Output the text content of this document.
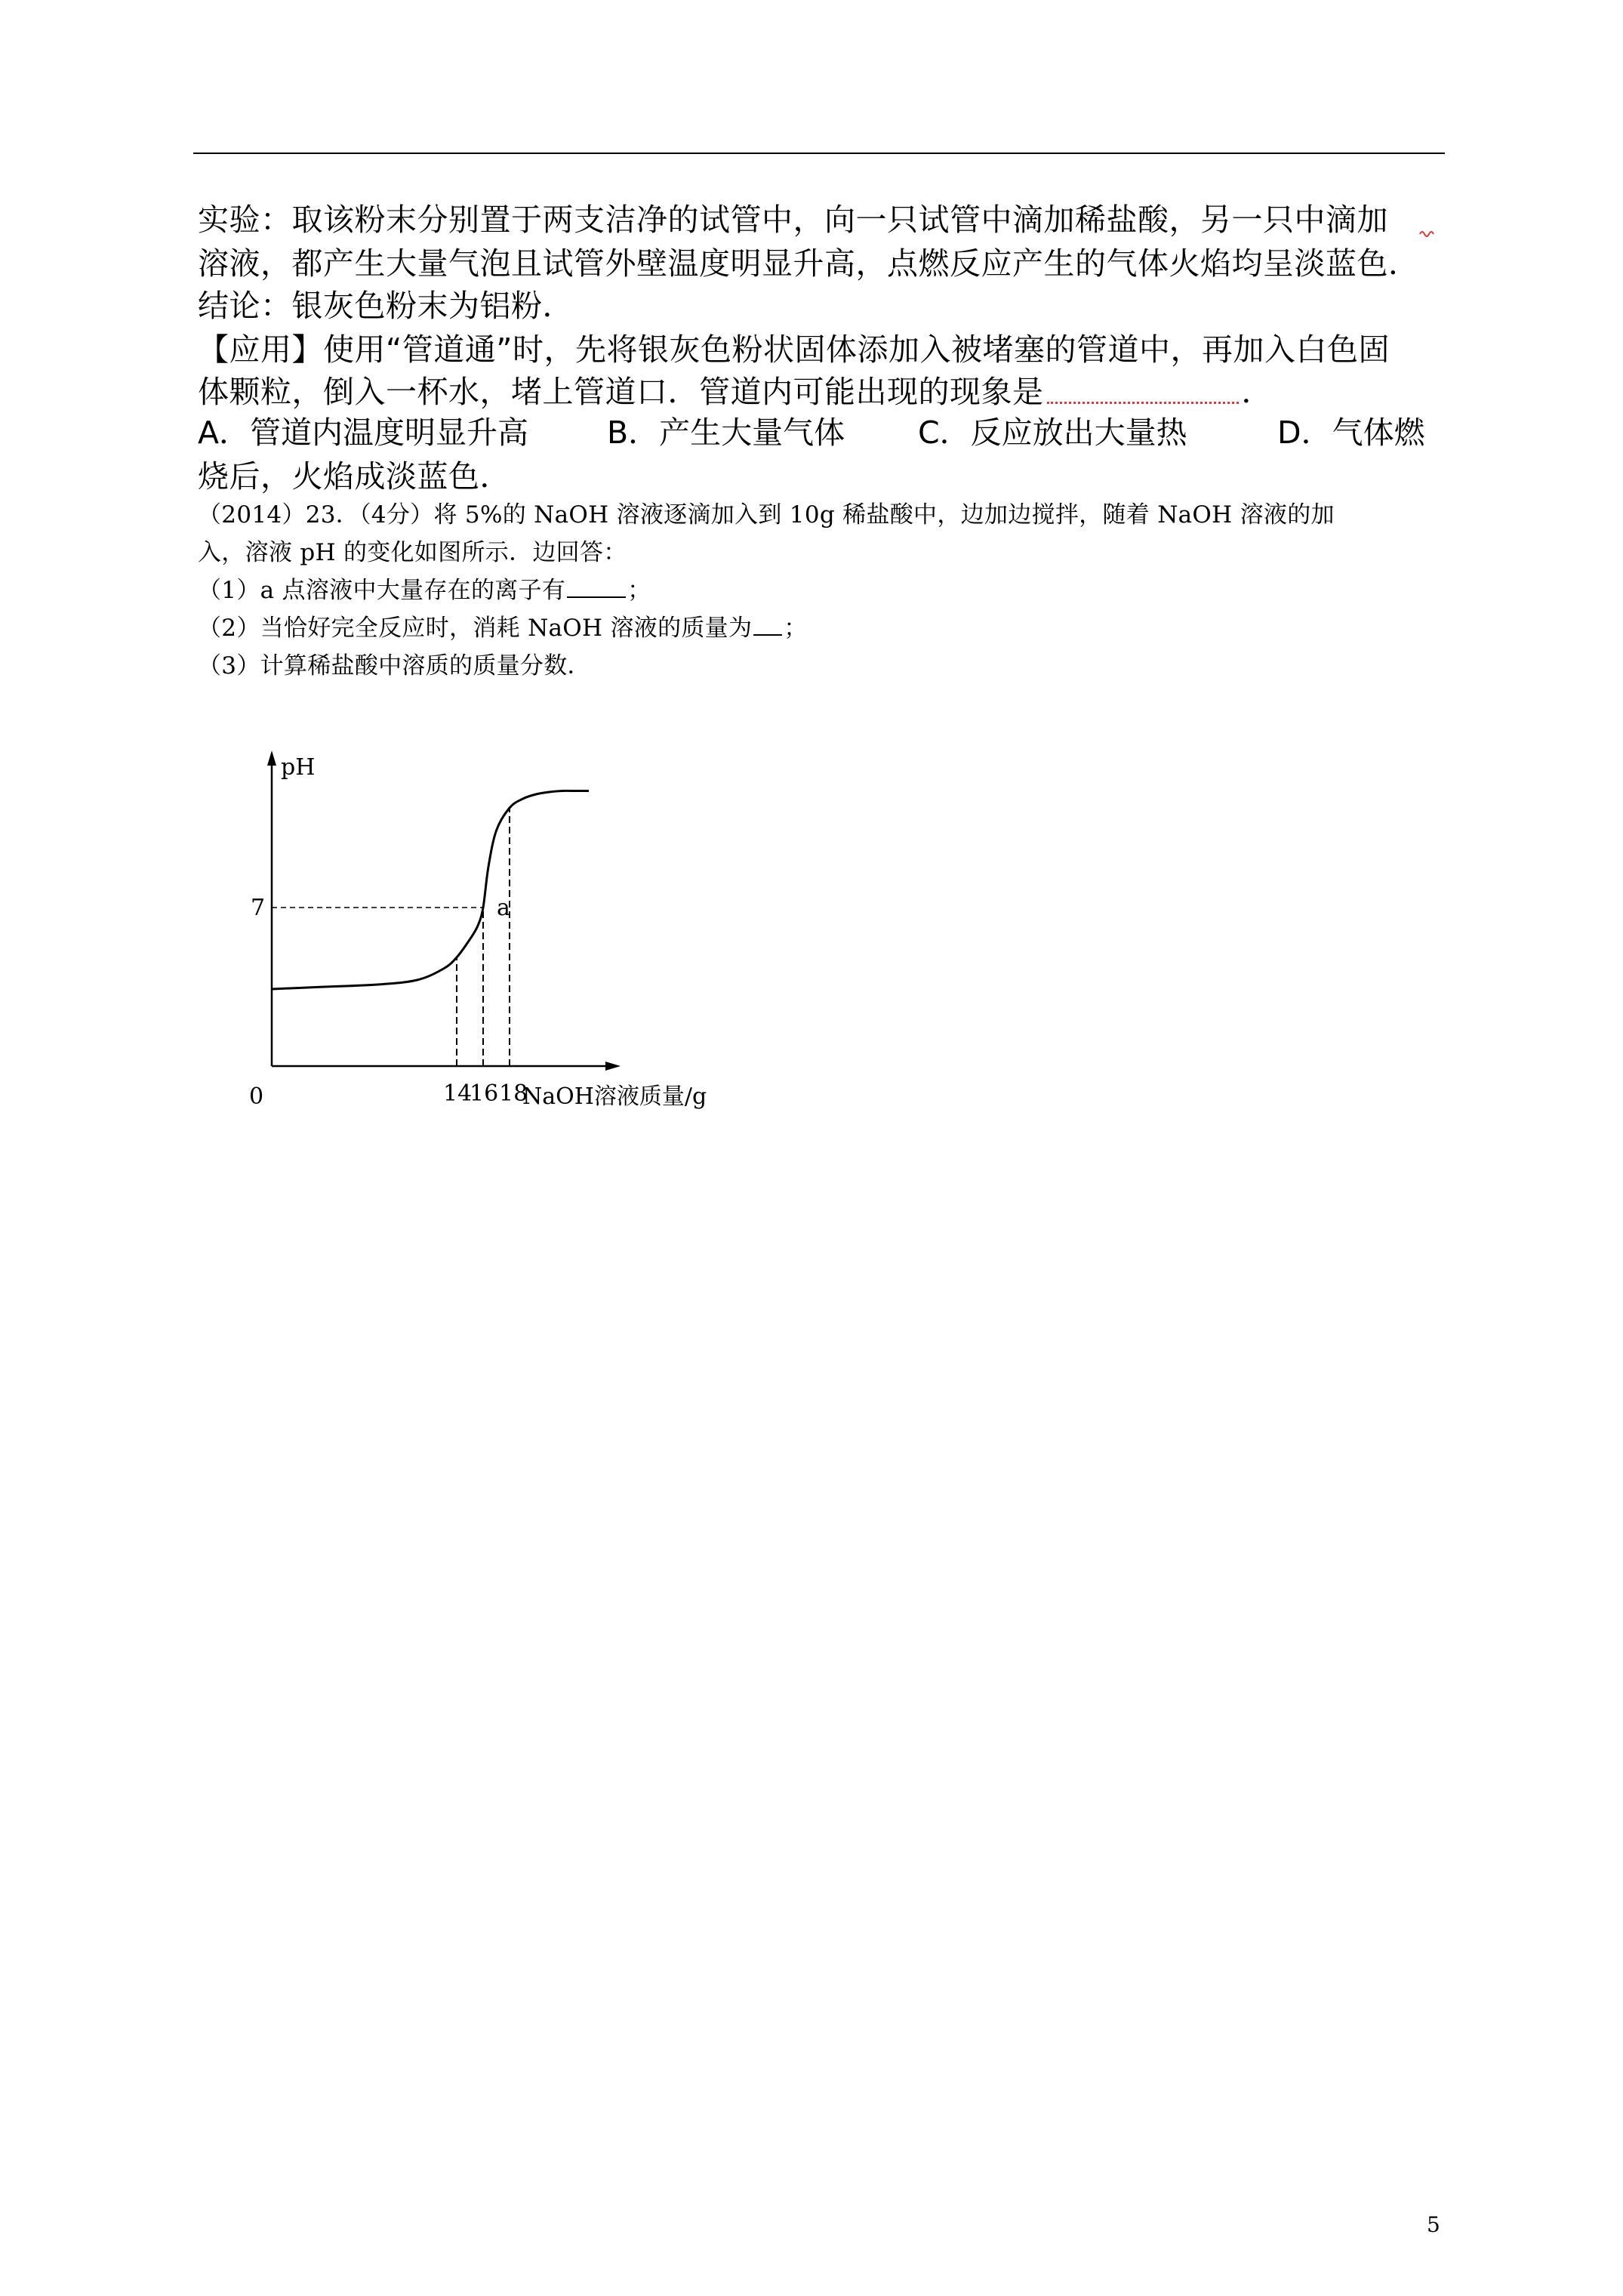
实验：取该粉末分别置于两支洁净的试管中，向一只试管中滴加稀盐酸，另一只中滴加
溶液，都产生大量气泡且试管外壁温度明显升高，点燃反应产生的气体火焰均呈淡蓝色．
结论：银灰色粉末为铝粉．
【应用】使用“管道通”时，先将银灰色粉状固体添加入被堵塞的管道中，再加入白色固
体颗粒，倒入一杯水，堵上管道口．管道内可能出现的现象是	．
A．管道内温度明显升高	B．产生大量气体 C．反应放出大量热	D．气体燃
烧后，火焰成淡蓝色．
（2014）23．（4分）将 5%的 NaOH 溶液逐滴加入到 10g 稀盐酸中，边加边搅拌，随着 NaOH 溶液的加
入，溶液 pH 的变化如图所示．边回答：
（1）a 点溶液中大量存在的离子有	；
（2）当恰好完全反应时，消耗 NaOH 溶液的质量为 ；
（3）计算稀盐酸中溶质的质量分数．
pH
0
7
14
16 18
NaOH溶液质量/g
a
5
